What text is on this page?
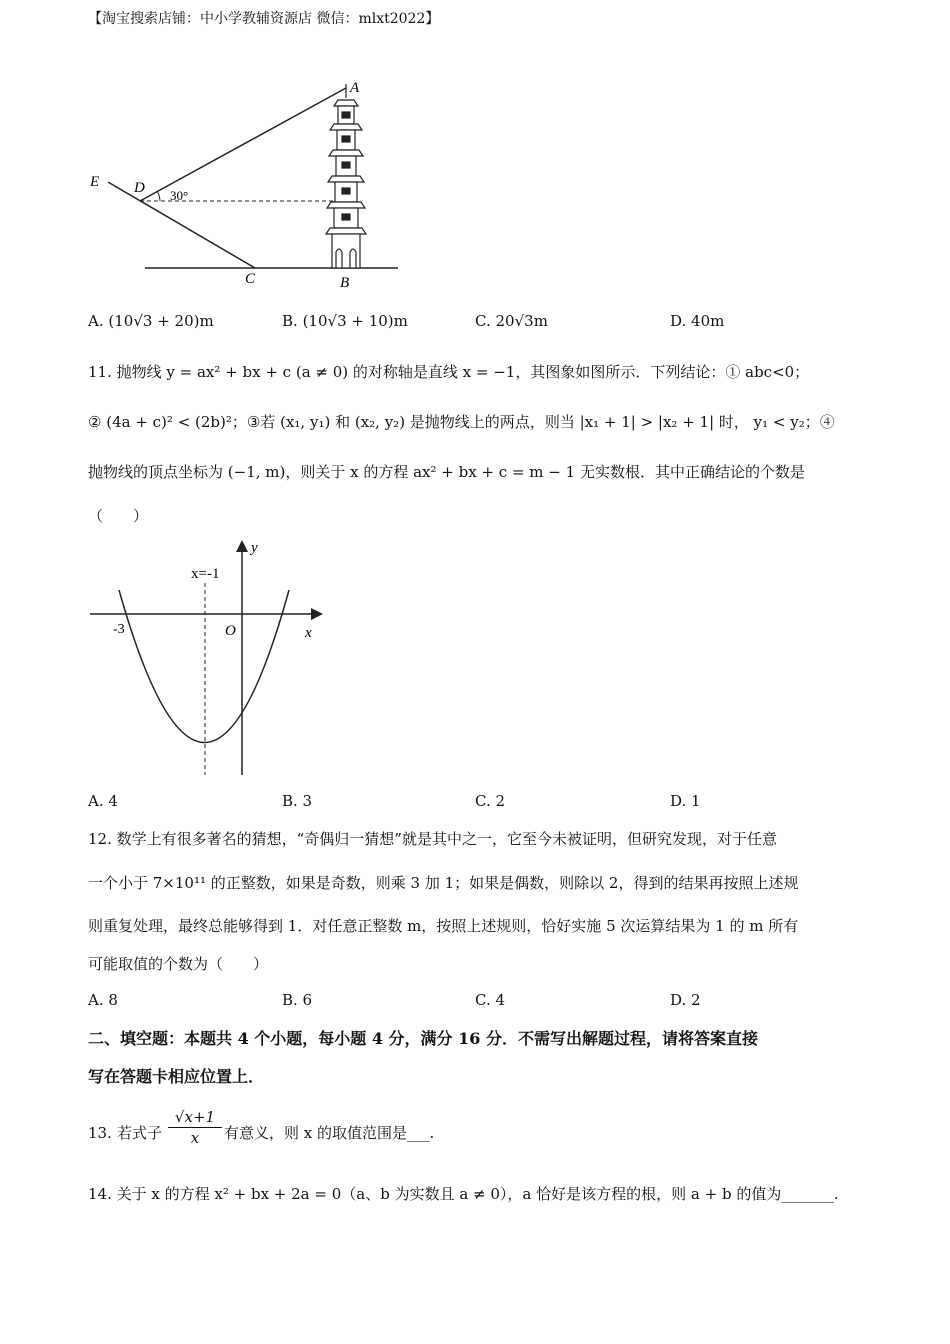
【淘宝搜索店铺：中小学教辅资源店 微信：mlxt2022】
A
B
C
D
E
30°
A. (10√3 + 20)m	B. (10√3 + 10)m	C. 20√3m	D. 40m
11. 抛物线 y = ax² + bx + c (a ≠ 0) 的对称轴是直线 x = −1，其图象如图所示．下列结论：① abc<0；
② (4a + c)² < (2b)²；③若 (x₁, y₁) 和 (x₂, y₂) 是抛物线上的两点，则当 |x₁ + 1| > |x₂ + 1| 时， y₁ < y₂；④
抛物线的顶点坐标为 (−1, m)，则关于 x 的方程 ax² + bx + c = m − 1 无实数根．其中正确结论的个数是
（　　）
x=-1
-3	O	x
y
A. 4	B. 3	C. 2	D. 1
12. 数学上有很多著名的猜想，“奇偶归一猜想”就是其中之一，它至今未被证明，但研究发现，对于任意
一个小于 7×10¹¹ 的正整数，如果是奇数，则乘 3 加 1；如果是偶数，则除以 2，得到的结果再按照上述规
则重复处理，最终总能够得到 1．对任意正整数 m，按照上述规则，恰好实施 5 次运算结果为 1 的 m 所有
可能取值的个数为（　　）
A. 8	B. 6	C. 4	D. 2
二、填空题：本题共 4 个小题，每小题 4 分，满分 16 分．不需写出解题过程，请将答案直接
写在答题卡相应位置上．
13. 若式子 $\frac{√x+1}{x}$ 有意义，则 x 的取值范围是___.
14. 关于 x 的方程 x² + bx + 2a = 0（a、b 为实数且 a ≠ 0），a 恰好是该方程的根，则 a + b 的值为_______.
